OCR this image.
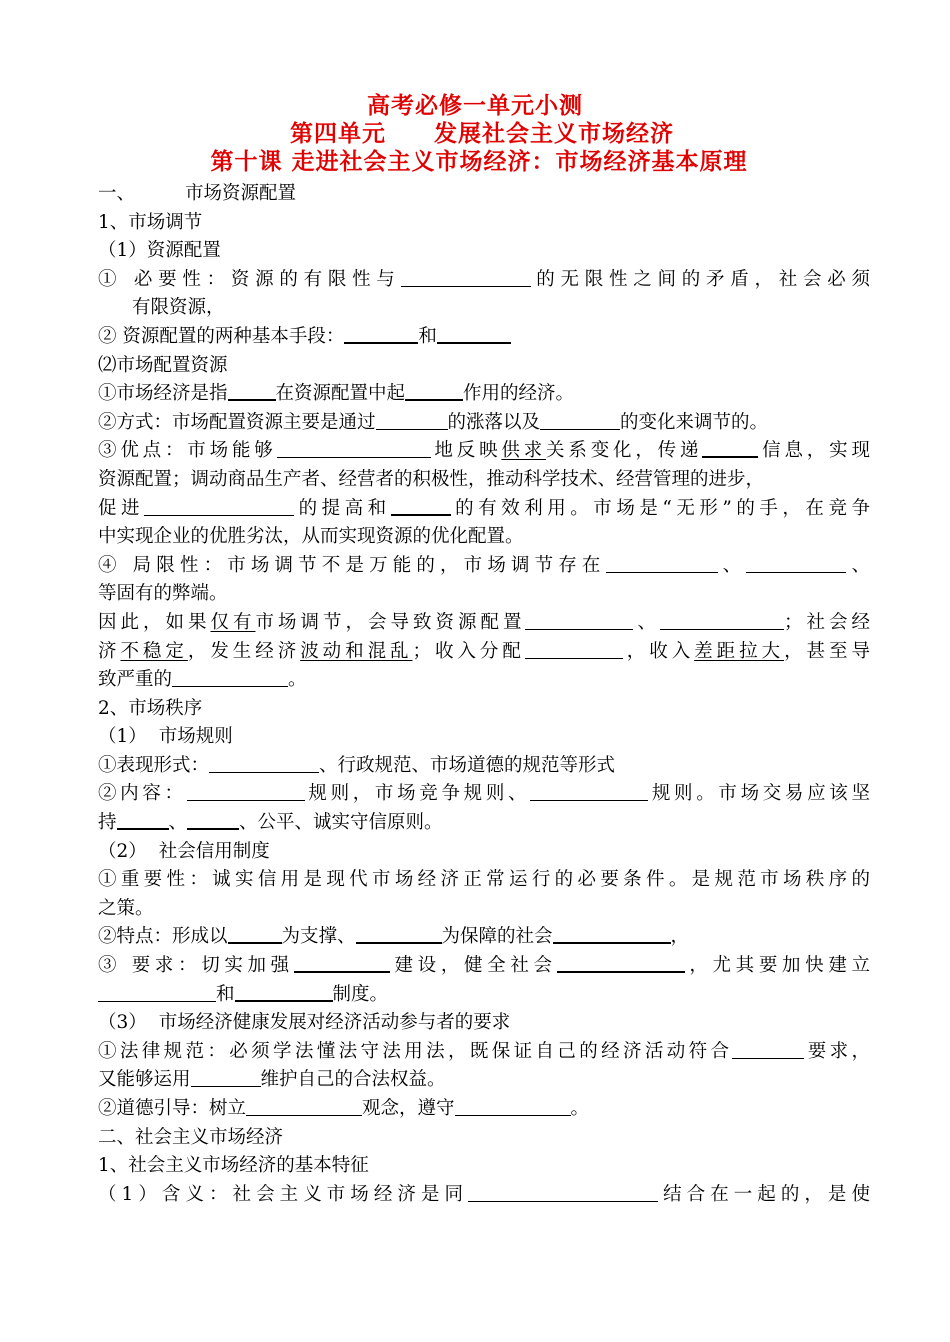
高考必修一单元小测
第四单元 发展社会主义市场经济
第十课 走进社会主义市场经济：市场经济基本原理
一、	市场资源配置
1、市场调节
（1）资源配置
① 必要性：资源的有限性与	的无限性之间的矛盾，社会必须
有限资源，
② 资源配置的两种基本手段：	和
⑵市场配置资源
①市场经济是指	在资源配置中起	作用的经济。
②方式：市场配置资源主要是通过	的涨落以及	的变化来调节的。
③优点：市场能够	地反映供求关系变化，传递	信息，实现
资源配置；调动商品生产者、经营者的积极性，推动科学技术、经营管理的进步，
促进	的提高和	的有效利用。市场是“无形”的手，在竞争
中实现企业的优胜劣汰，从而实现资源的优化配置。
④ 局限性：市场调节不是万能的，市场调节存在	、	、
等固有的弊端。
因此，如果仅有市场调节，会导致资源配置	、	；社会经
济不稳定，发生经济波动和混乱；收入分配	，收入差距拉大，甚至导
致严重的	。
2、市场秩序
（1） 市场规则
①表现形式：	、行政规范、市场道德的规范等形式
②内容：	规则，市场竞争规则、	规则。市场交易应该坚
持	、	、公平、诚实守信原则。
（2） 社会信用制度
①重要性：诚实信用是现代市场经济正常运行的必要条件。是规范市场秩序的
之策。
②特点：形成以	为支撑、	为保障的社会	，
③ 要求：切实加强	建设，健全社会	，尤其要加快建立
和	制度。
（3） 市场经济健康发展对经济活动参与者的要求
①法律规范：必须学法懂法守法用法，既保证自己的经济活动符合	要求，
又能够运用	维护自己的合法权益。
②道德引导：树立	观念，遵守	。
二、社会主义市场经济
1、社会主义市场经济的基本特征
（1）含义：社会主义市场经济是同	结合在一起的，是使
